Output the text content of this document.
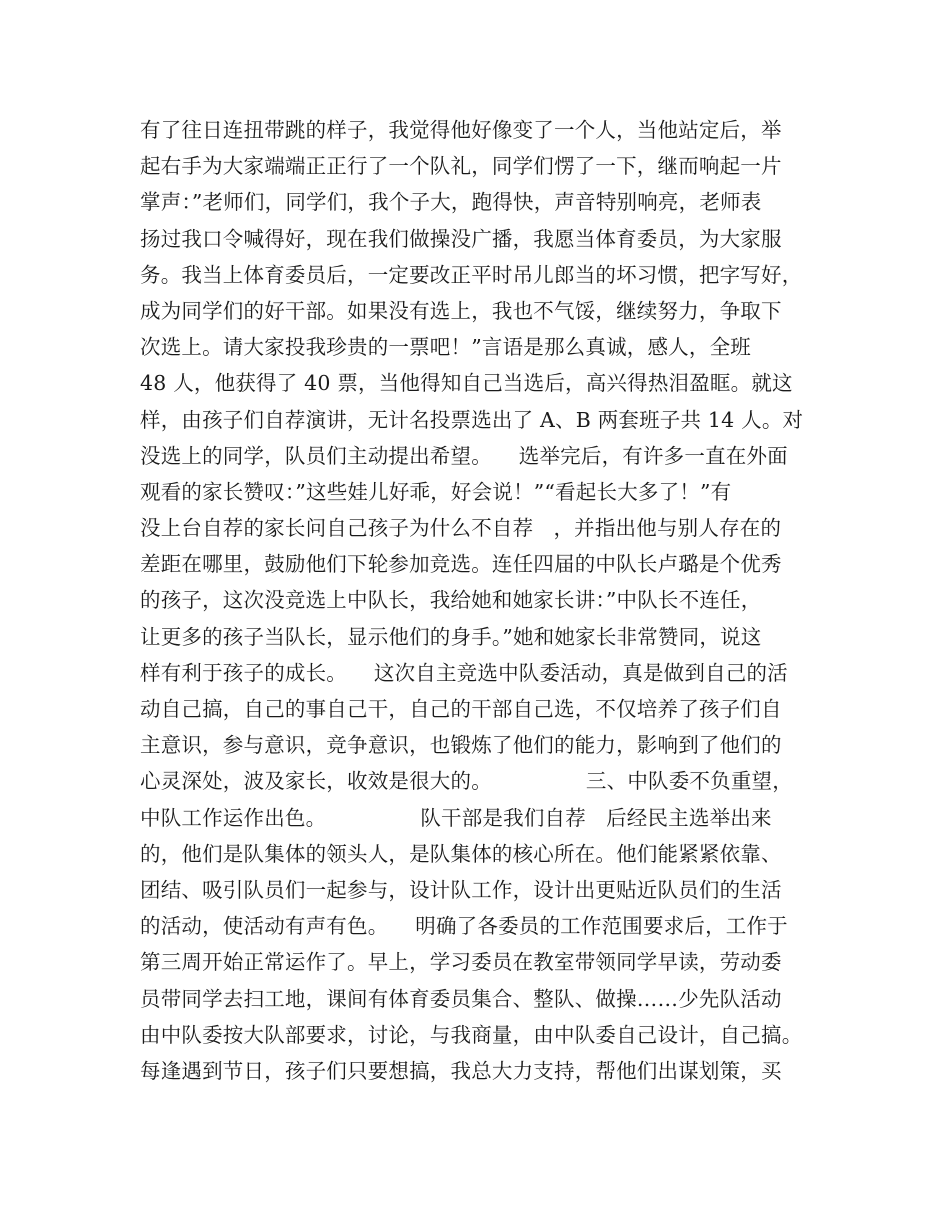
有了往日连扭带跳的样子，我觉得他好像变了一个人，当他站定后，举
起右手为大家端端正正行了一个队礼，同学们愣了一下，继而响起一片
掌声：”老师们，同学们，我个子大，跑得快，声音特别响亮，老师表
扬过我口令喊得好，现在我们做操没广播，我愿当体育委员，为大家服
务。我当上体育委员后，一定要改正平时吊儿郎当的坏习惯，把字写好，
成为同学们的好干部。如果没有选上，我也不气馁，继续努力，争取下
次选上。请大家投我珍贵的一票吧！”言语是那么真诚，感人，全班
48 人，他获得了 40 票，当他得知自己当选后，高兴得热泪盈眶。就这
样，由孩子们自荐演讲，无计名投票选出了 A、B 两套班子共 14 人。对
没选上的同学，队员们主动提出希望。    选举完后，有许多一直在外面
观看的家长赞叹：”这些娃儿好乖，好会说！”“看起长大多了！”有
没上台自荐的家长问自己孩子为什么不自荐   ，并指出他与别人存在的
差距在哪里，鼓励他们下轮参加竞选。连任四届的中队长卢璐是个优秀
的孩子，这次没竞选上中队长，我给她和她家长讲：”中队长不连任，
让更多的孩子当队长，显示他们的身手。”她和她家长非常赞同，说这
样有利于孩子的成长。    这次自主竞选中队委活动，真是做到自己的活
动自己搞，自己的事自己干，自己的干部自己选，不仅培养了孩子们自
主意识，参与意识，竞争意识，也锻炼了他们的能力，影响到了他们的
心灵深处，波及家长，收效是很大的。              三、中队委不负重望，
中队工作运作出色。              队干部是我们自荐   后经民主选举出来
的，他们是队集体的领头人，是队集体的核心所在。他们能紧紧依靠、
团结、吸引队员们一起参与，设计队工作，设计出更贴近队员们的生活
的活动，使活动有声有色。    明确了各委员的工作范围要求后，工作于
第三周开始正常运作了。早上，学习委员在教室带领同学早读，劳动委
员带同学去扫工地，课间有体育委员集合、整队、做操……少先队活动
由中队委按大队部要求，讨论，与我商量，由中队委自己设计，自己搞。
每逢遇到节日，孩子们只要想搞，我总大力支持，帮他们出谋划策，买
